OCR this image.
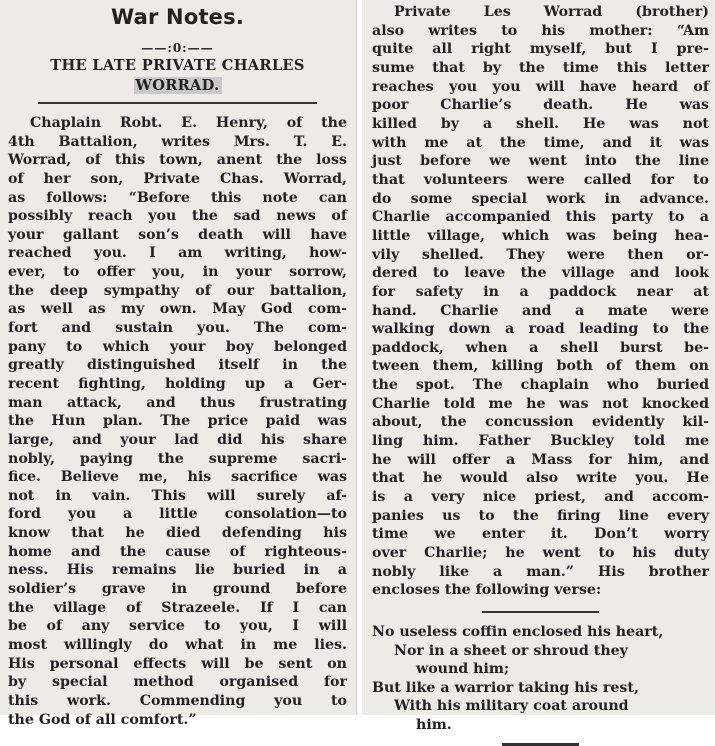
War Notes.
——:0:——
THE LATE PRIVATE CHARLES
WORRAD.
Chaplain Robt. E. Henry, of the
4th Battalion, writes Mrs. T. E.
Worrad, of this town, anent the loss
of her son, Private Chas. Worrad,
as follows: “Before this note can
possibly reach you the sad news of
your gallant son’s death will have
reached you. I am writing, how-
ever, to offer you, in your sorrow,
the deep sympathy of our battalion,
as well as my own. May God com-
fort and sustain you. The com-
pany to which your boy belonged
greatly distinguished itself in the
recent fighting, holding up a Ger-
man attack, and thus frustrating
the Hun plan. The price paid was
large, and your lad did his share
nobly, paying the supreme sacri-
fice. Believe me, his sacrifice was
not in vain. This will surely af-
ford you a little consolation—to
know that he died defending his
home and the cause of righteous-
ness. His remains lie buried in a
soldier’s grave in ground before
the village of Strazeele. If I can
be of any service to you, I will
most willingly do what in me lies.
His personal effects will be sent on
by special method organised for
this work. Commending you to
the God of all comfort.”
Private Les Worrad (brother)
also writes to his mother: “Am
quite all right myself, but I pre-
sume that by the time this letter
reaches you you will have heard of
poor Charlie’s death. He was
killed by a shell. He was not
with me at the time, and it was
just before we went into the line
that volunteers were called for to
do some special work in advance.
Charlie accompanied this party to a
little village, which was being hea-
vily shelled. They were then or-
dered to leave the village and look
for safety in a paddock near at
hand. Charlie and a mate were
walking down a road leading to the
paddock, when a shell burst be-
tween them, killing both of them on
the spot. The chaplain who buried
Charlie told me he was not knocked
about, the concussion evidently kil-
ling him. Father Buckley told me
he will offer a Mass for him, and
that he would also write you. He
is a very nice priest, and accom-
panies us to the firing line every
time we enter it. Don’t worry
over Charlie; he went to his duty
nobly like a man.” His brother
encloses the following verse:
No useless coffin enclosed his heart,
Nor in a sheet or shroud they
wound him;
But like a warrior taking his rest,
With his military coat around
him.
